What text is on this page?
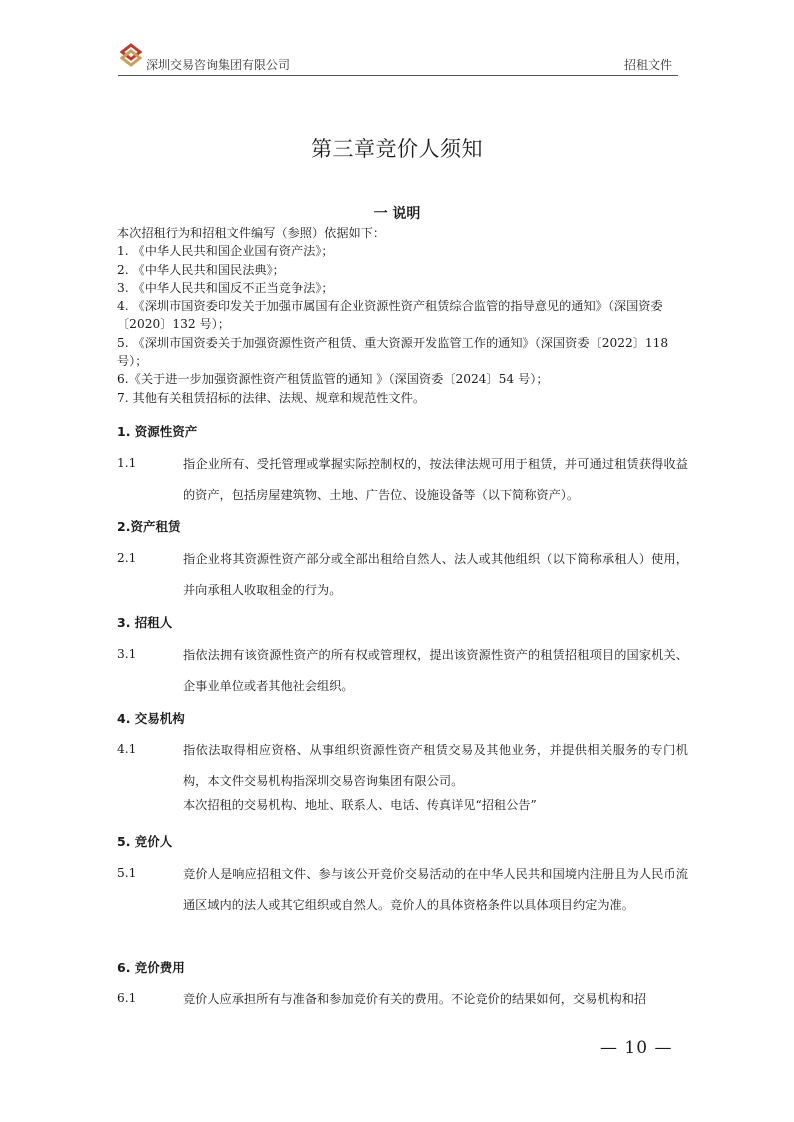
深圳交易咨询集团有限公司	招租文件
第三章竞价人须知
一 说明
本次招租行为和招租文件编写（参照）依据如下：
1. 《中华人民共和国企业国有资产法》；
2. 《中华人民共和国民法典》；
3. 《中华人民共和国反不正当竞争法》；
4. 《深圳市国资委印发关于加强市属国有企业资源性资产租赁综合监管的指导意见的通知》（深国资委〔2020〕132 号）；
5. 《深圳市国资委关于加强资源性资产租赁、重大资源开发监管工作的通知》（深国资委〔2022〕118 号）；
6.《关于进一步加强资源性资产租赁监管的通知 》（深国资委〔2024〕54 号）；
7. 其他有关租赁招标的法律、法规、规章和规范性文件。
1. 资源性资产
1.1	指企业所有、受托管理或掌握实际控制权的，按法律法规可用于租赁，并可通过租赁获得收益的资产，包括房屋建筑物、土地、广告位、设施设备等（以下简称资产）。
2.资产租赁
2.1	指企业将其资源性资产部分或全部出租给自然人、法人或其他组织（以下简称承租人）使用，并向承租人收取租金的行为。
3. 招租人
3.1	指依法拥有该资源性资产的所有权或管理权，提出该资源性资产的租赁招租项目的国家机关、企事业单位或者其他社会组织。
4. 交易机构
4.1	指依法取得相应资格、从事组织资源性资产租赁交易及其他业务，并提供相关服务的专门机构，本文件交易机构指深圳交易咨询集团有限公司。
本次招租的交易机构、地址、联系人、电话、传真详见“招租公告”
5. 竞价人
5.1	竞价人是响应招租文件、参与该公开竞价交易活动的在中华人民共和国境内注册且为人民币流通区域内的法人或其它组织或自然人。竞价人的具体资格条件以具体项目约定为准。
6. 竞价费用
6.1	竞价人应承担所有与准备和参加竞价有关的费用。不论竞价的结果如何，交易机构和招
— 10 —
